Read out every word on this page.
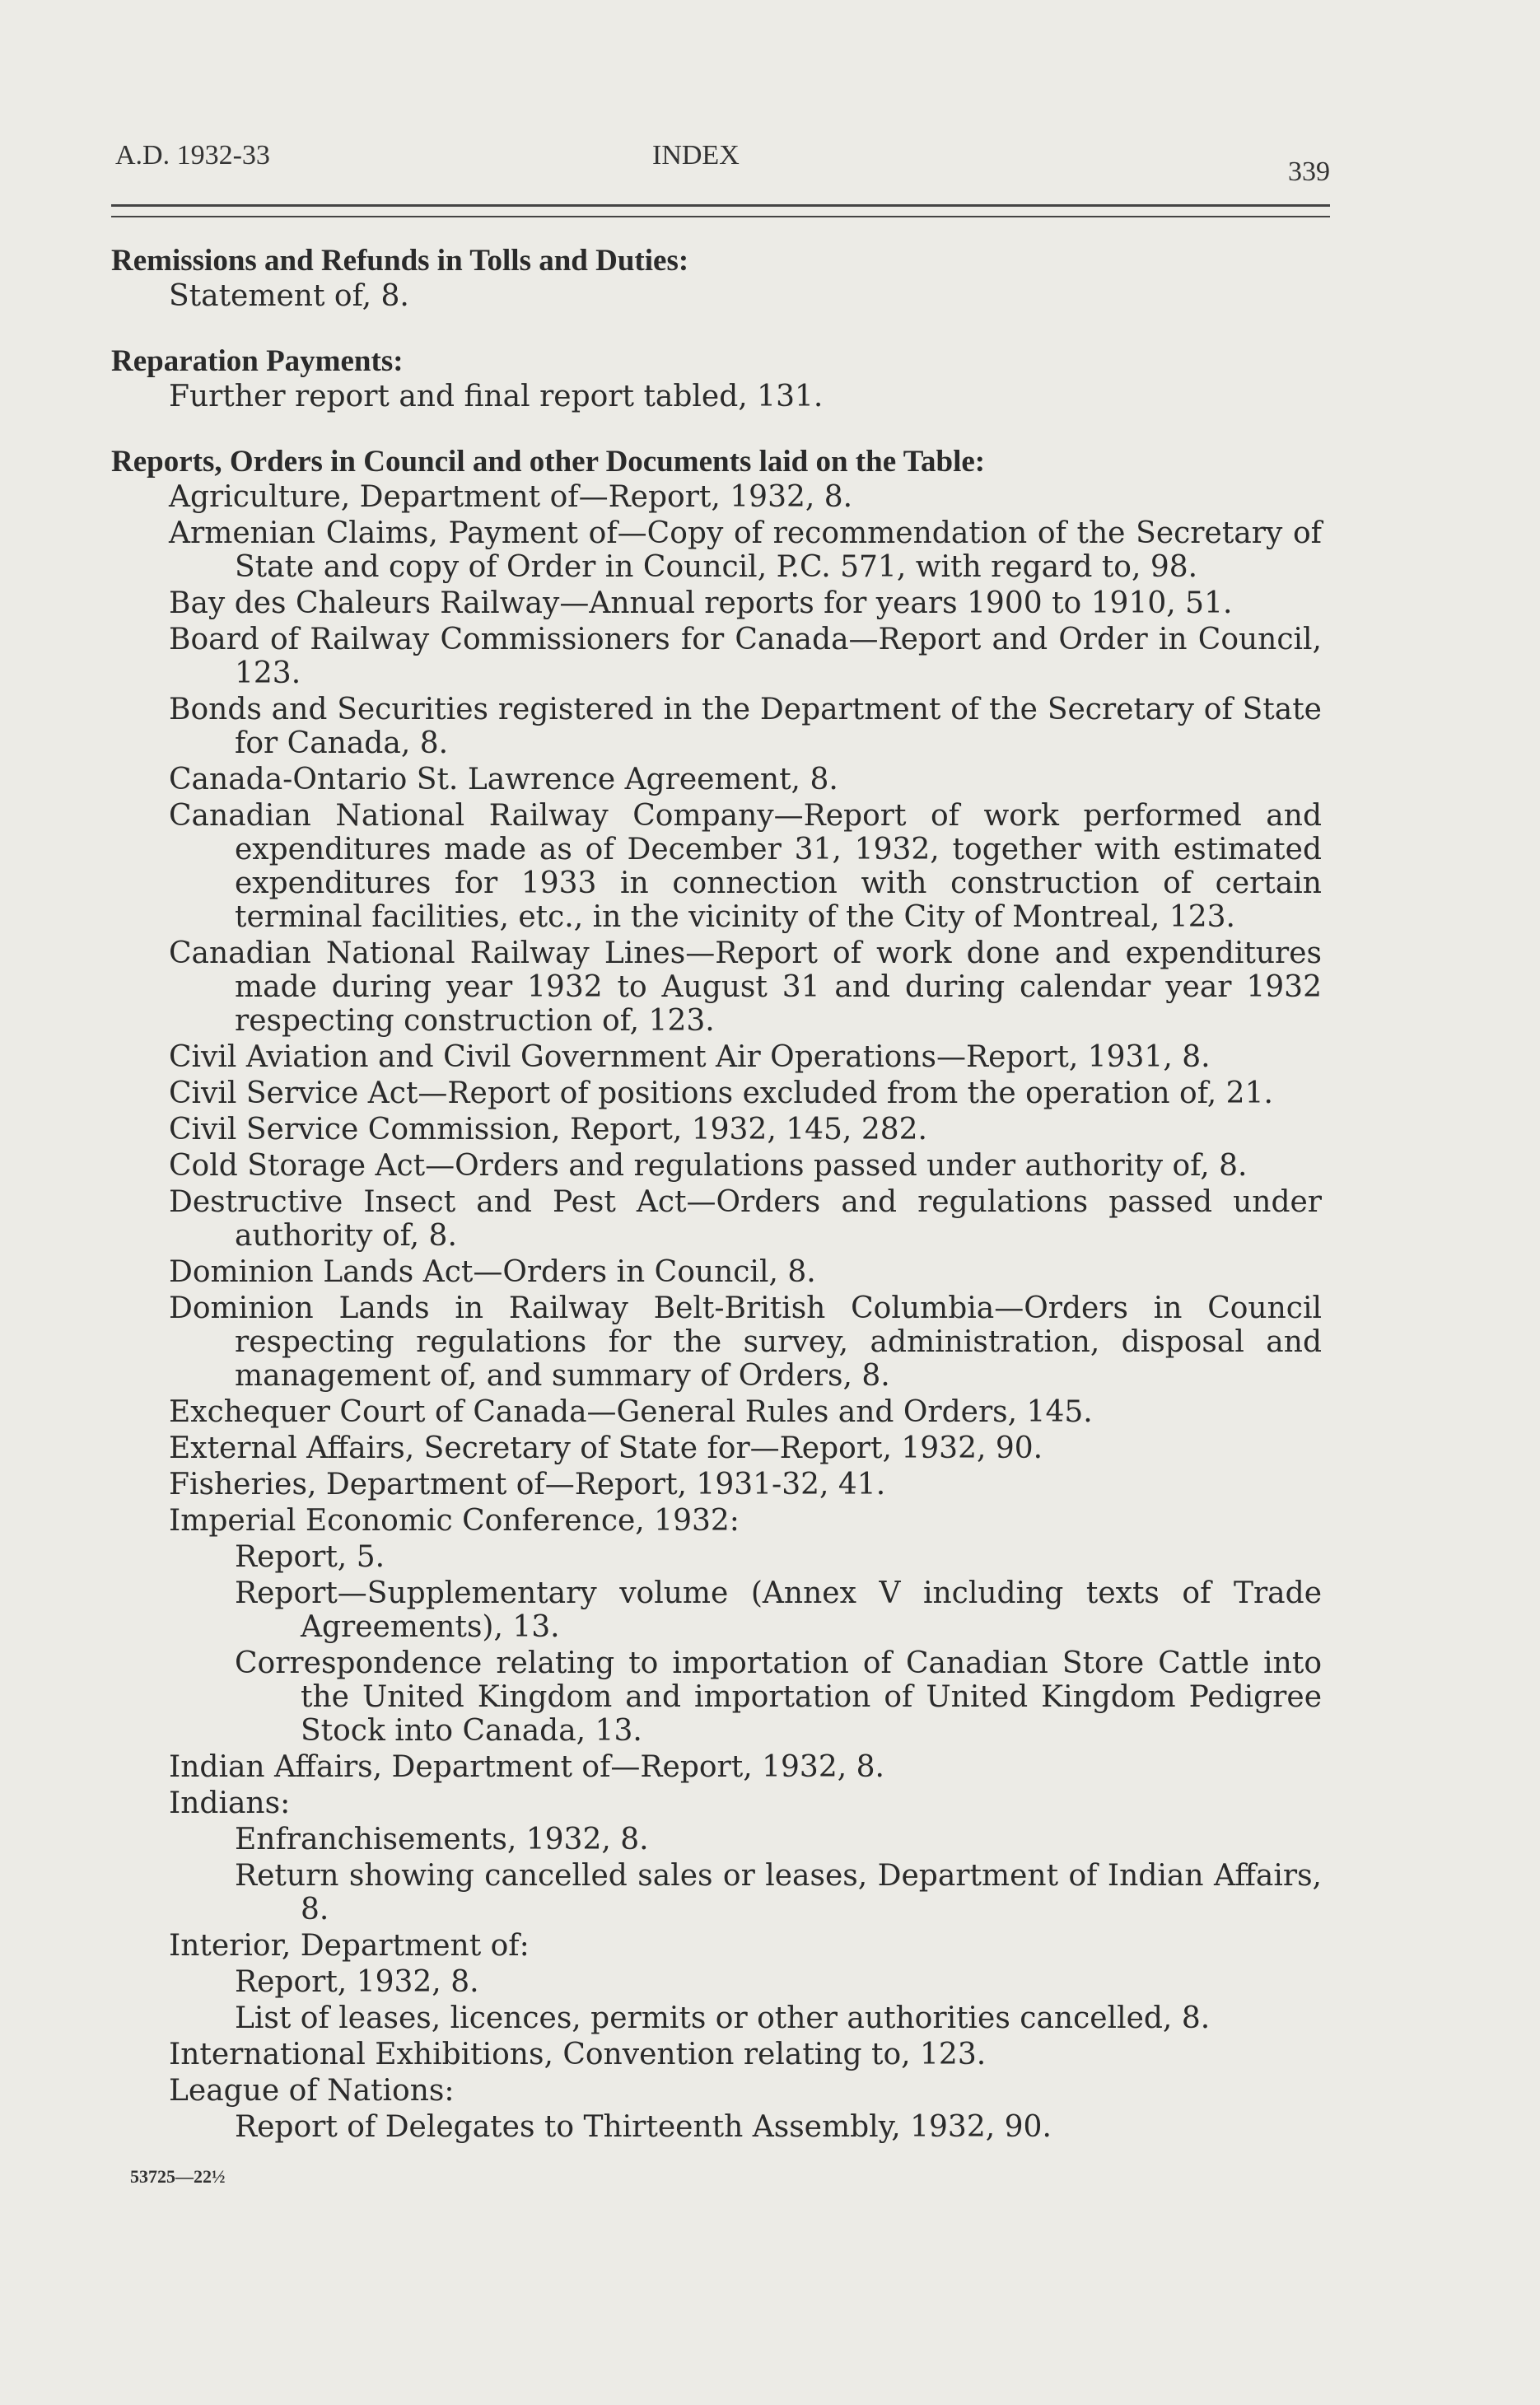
A.D. 1932-33	INDEX
339
Remissions and Refunds in Tolls and Duties:
Statement of, 8.
Reparation Payments:
Further report and final report tabled, 131.
Reports, Orders in Council and other Documents laid on the Table:
Agriculture, Department of—Report, 1932, 8.
Armenian Claims, Payment of—Copy of recommendation of the Secretary of State and copy of Order in Council, P.C. 571, with regard to, 98.
Bay des Chaleurs Railway—Annual reports for years 1900 to 1910, 51.
Board of Railway Commissioners for Canada—Report and Order in Council, 123.
Bonds and Securities registered in the Department of the Secretary of State for Canada, 8.
Canada-Ontario St. Lawrence Agreement, 8.
Canadian National Railway Company—Report of work performed and expenditures made as of December 31, 1932, together with estimated expenditures for 1933 in connection with construction of certain terminal facilities, etc., in the vicinity of the City of Montreal, 123.
Canadian National Railway Lines—Report of work done and expenditures made during year 1932 to August 31 and during calendar year 1932 respecting construction of, 123.
Civil Aviation and Civil Government Air Operations—Report, 1931, 8.
Civil Service Act—Report of positions excluded from the operation of, 21.
Civil Service Commission, Report, 1932, 145, 282.
Cold Storage Act—Orders and regulations passed under authority of, 8.
Destructive Insect and Pest Act—Orders and regulations passed under authority of, 8.
Dominion Lands Act—Orders in Council, 8.
Dominion Lands in Railway Belt-British Columbia—Orders in Council respecting regulations for the survey, administration, disposal and management of, and summary of Orders, 8.
Exchequer Court of Canada—General Rules and Orders, 145.
External Affairs, Secretary of State for—Report, 1932, 90.
Fisheries, Department of—Report, 1931-32, 41.
Imperial Economic Conference, 1932:
Report, 5.
Report—Supplementary volume (Annex V including texts of Trade Agreements), 13.
Correspondence relating to importation of Canadian Store Cattle into the United Kingdom and importation of United Kingdom Pedigree Stock into Canada, 13.
Indian Affairs, Department of—Report, 1932, 8.
Indians:
Enfranchisements, 1932, 8.
Return showing cancelled sales or leases, Department of Indian Affairs, 8.
Interior, Department of:
Report, 1932, 8.
List of leases, licences, permits or other authorities cancelled, 8.
International Exhibitions, Convention relating to, 123.
League of Nations:
Report of Delegates to Thirteenth Assembly, 1932, 90.
53725—22½
